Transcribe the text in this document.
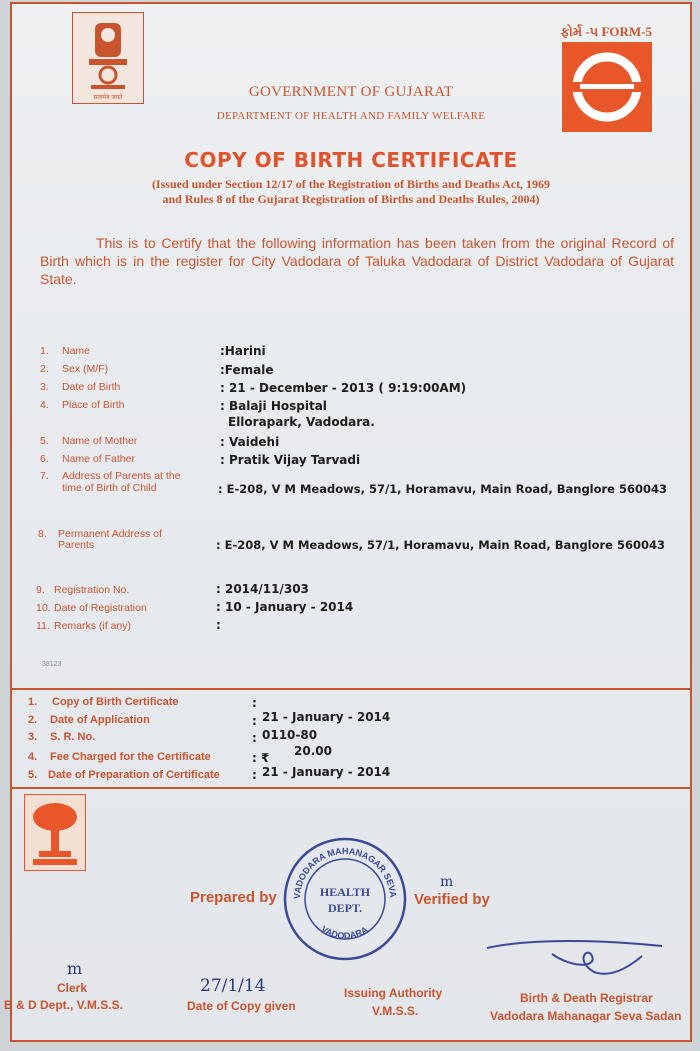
सत्यमेव जयते
ફોર્મ -૫ FORM-5
GOVERNMENT OF GUJARAT
DEPARTMENT OF HEALTH AND FAMILY WELFARE
COPY OF BIRTH CERTIFICATE
(Issued under Section 12/17 of the Registration of Births and Deaths Act, 1969
and Rules 8 of the Gujarat Registration of Births and Deaths Rules, 2004)
This is to Certify that the following information has been taken from the original Record of Birth which is in the register for City Vadodara of Taluka Vadodara of District Vadodara of Gujarat State.
1. Name	:Harini
2. Sex (M/F)	:Female
3. Date of Birth	: 21 - December - 2013 ( 9:19:00AM)
4. Place of Birth	: Balaji Hospital
Ellorapark, Vadodara.
5. Name of Mother	: Vaidehi
6. Name of Father	: Pratik Vijay Tarvadi
7. Address of Parents at the
time of Birth of Child	: E-208, V M Meadows, 57/1, Horamavu, Main Road, Banglore 560043
8. Permanent Address of
Parents	: E-208, V M Meadows, 57/1, Horamavu, Main Road, Banglore 560043
9. Registration No.	: 2014/11/303
10. Date of Registration	: 10 - January - 2014
11. Remarks (if any)	:
38123
1. Copy of Birth Certificate	:
2. Date of Application	: 21 - January - 2014
3. S. R. No.	: 0110-80
4. Fee Charged for the Certificate	: ₹ 20.00
5. Date of Preparation of Certificate	: 21 - January - 2014
Prepared by	VADODARA MAHANAGAR SEVA
VADODARA
HEALTH
DEPT.	Verified by
m
m
Clerk
B & D Dept., V.M.S.S.
27/1/14
Date of Copy given
Issuing Authority
V.M.S.S.
Birth & Death Registrar
Vadodara Mahanagar Seva Sadan
